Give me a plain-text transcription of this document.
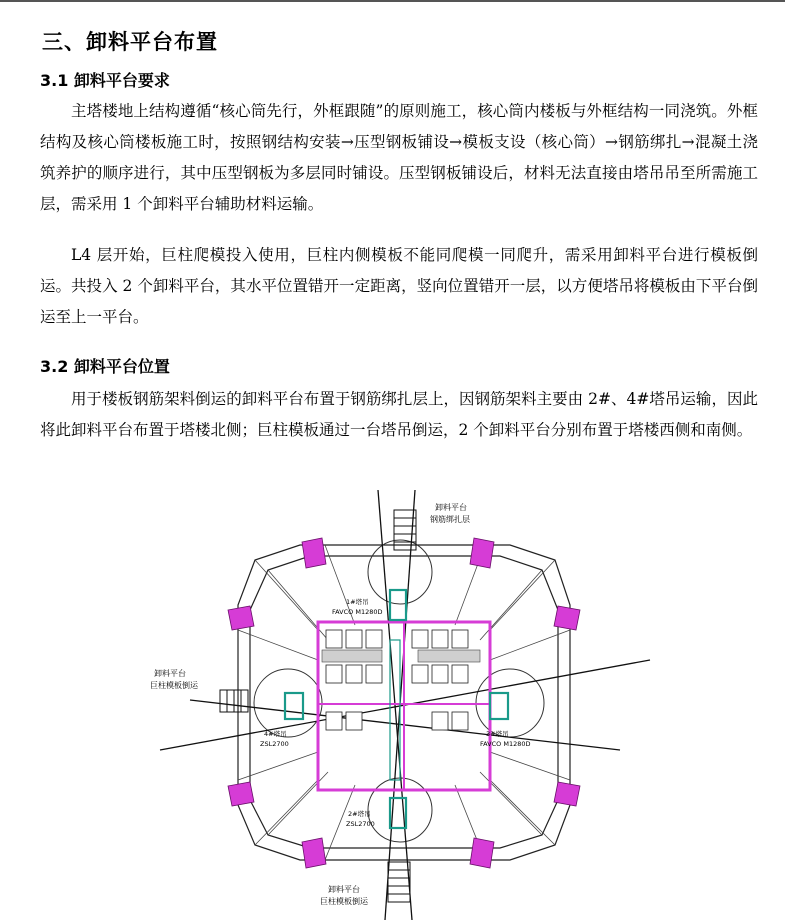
三、卸料平台布置
3.1 卸料平台要求

主塔楼地上结构遵循“核心筒先行，外框跟随”的原则施工，核心筒内楼板与外框结构一同浇筑。外框结构及核心筒楼板施工时，按照钢结构安装→压型钢板铺设→模板支设（核心筒）→钢筋绑扎→混凝土浇筑养护的顺序进行，其中压型钢板为多层同时铺设。压型钢板铺设后，材料无法直接由塔吊吊至所需施工层，需采用 1 个卸料平台辅助材料运输。

L4 层开始，巨柱爬模投入使用，巨柱内侧模板不能同爬模一同爬升，需采用卸料平台进行模板倒运。共投入 2 个卸料平台，其水平位置错开一定距离，竖向位置错开一层，以方便塔吊将模板由下平台倒运至上一平台。

3.2 卸料平台位置

用于楼板钢筋架料倒运的卸料平台布置于钢筋绑扎层上，因钢筋架料主要由 2#、4#塔吊运输，因此将此卸料平台布置于塔楼北侧；巨柱模板通过一台塔吊倒运，2 个卸料平台分别布置于塔楼西侧和南侧。

卸料平台
钢筋绑扎层
卸料平台
巨柱模板倒运
卸料平台
巨柱模板倒运
1#塔吊
FAVCO M1280D
4#塔吊
ZSL2700
3#塔吊
FAVCO M1280D
2#塔吊
ZSL2700
